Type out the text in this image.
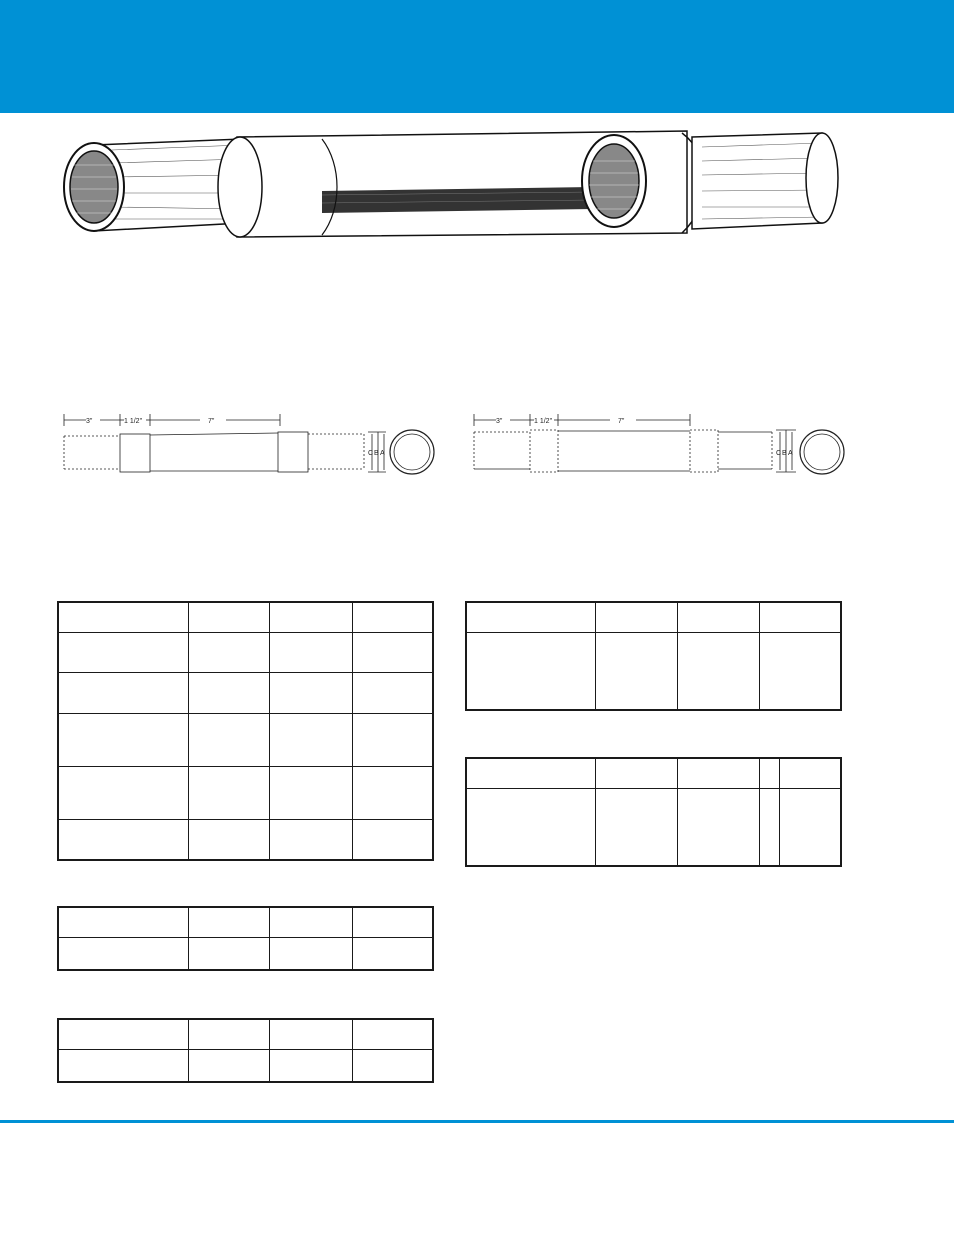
3"	1 1/2"	7"
C B A
3"	1 1/2"	7"
C B A
